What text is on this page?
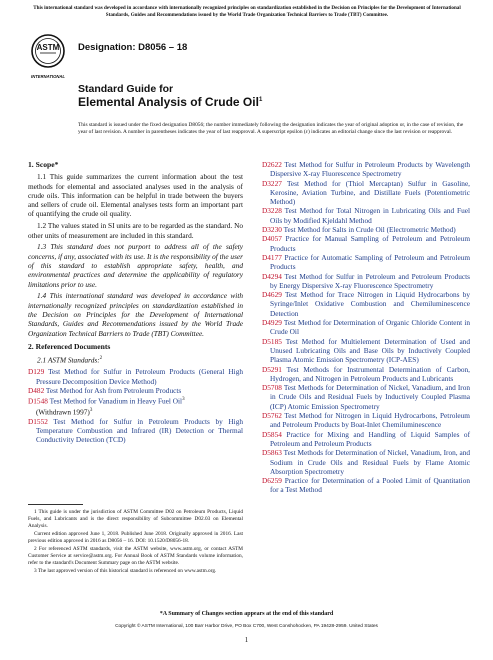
This international standard was developed in accordance with internationally recognized principles on standardization established in the Decision on Principles for the Development of International Standards, Guides and Recommendations issued by the World Trade Organization Technical Barriers to Trade (TBT) Committee.
ASTM
INTERNATIONAL
Designation: D8056 – 18
Standard Guide for
Elemental Analysis of Crude Oil$^1$
This standard is issued under the fixed designation D8056; the number immediately following the designation indicates the year of original adoption or, in the case of revision, the year of last revision. A number in parentheses indicates the year of last reapproval. A superscript epsilon (ε) indicates an editorial change since the last revision or reapproval.
1. Scope*

1.1 This guide summarizes the current information about the test methods for elemental and associated analyses used in the analysis of crude oils. This information can be helpful in trade between the buyers and sellers of crude oil. Elemental analyses tests form an important part of quantifying the crude oil quality.

1.2 The values stated in SI units are to be regarded as the standard. No other units of measurement are included in this standard.

1.3 This standard does not purport to address all of the safety concerns, if any, associated with its use. It is the responsibility of the user of this standard to establish appropriate safety, health, and environmental practices and determine the applicability of regulatory limitations prior to use.

1.4 This international standard was developed in accordance with internationally recognized principles on standardization established in the Decision on Principles for the Development of International Standards, Guides and Recommendations issued by the World Trade Organization Technical Barriers to Trade (TBT) Committee.

2. Referenced Documents

2.1 ASTM Standards:$^2$

D129 Test Method for Sulfur in Petroleum Products (General High Pressure Decomposition Device Method)
D482 Test Method for Ash from Petroleum Products
D1548 Test Method for Vanadium in Heavy Fuel Oil$^3$
(Withdrawn 1997)$^3$
D1552 Test Method for Sulfur in Petroleum Products by High Temperature Combustion and Infrared (IR) Detection or Thermal Conductivity Detection (TCD)
D2622 Test Method for Sulfur in Petroleum Products by Wavelength Dispersive X-ray Fluorescence Spectrometry
D3227 Test Method for (Thiol Mercaptan) Sulfur in Gasoline, Kerosine, Aviation Turbine, and Distillate Fuels (Potentiometric Method)
D3228 Test Method for Total Nitrogen in Lubricating Oils and Fuel Oils by Modified Kjeldahl Method
D3230 Test Method for Salts in Crude Oil (Electrometric Method)
D4057 Practice for Manual Sampling of Petroleum and Petroleum Products
D4177 Practice for Automatic Sampling of Petroleum and Petroleum Products
D4294 Test Method for Sulfur in Petroleum and Petroleum Products by Energy Dispersive X-ray Fluorescence Spectrometry
D4629 Test Method for Trace Nitrogen in Liquid Hydrocarbons by Syringe/Inlet Oxidative Combustion and Chemiluminescence Detection
D4929 Test Method for Determination of Organic Chloride Content in Crude Oil
D5185 Test Method for Multielement Determination of Used and Unused Lubricating Oils and Base Oils by Inductively Coupled Plasma Atomic Emission Spectrometry (ICP-AES)
D5291 Test Methods for Instrumental Determination of Carbon, Hydrogen, and Nitrogen in Petroleum Products and Lubricants
D5708 Test Methods for Determination of Nickel, Vanadium, and Iron in Crude Oils and Residual Fuels by Inductively Coupled Plasma (ICP) Atomic Emission Spectrometry
D5762 Test Method for Nitrogen in Liquid Hydrocarbons, Petroleum and Petroleum Products by Boat-Inlet Chemiluminescence
D5854 Practice for Mixing and Handling of Liquid Samples of Petroleum and Petroleum Products
D5863 Test Methods for Determination of Nickel, Vanadium, Iron, and Sodium in Crude Oils and Residual Fuels by Flame Atomic Absorption Spectrometry
D6259 Practice for Determination of a Pooled Limit of Quantitation for a Test Method

1 This guide is under the jurisdiction of ASTM Committee D02 on Petroleum Products, Liquid Fuels, and Lubricants and is the direct responsibility of Subcommittee D02.03 on Elemental Analysis.

Current edition approved June 1, 2018. Published June 2018. Originally approved in 2016. Last previous edition approved in 2016 as D8056 – 16. DOI: 10.1520/D8056-18.

2 For referenced ASTM standards, visit the ASTM website, www.astm.org, or contact ASTM Customer Service at service@astm.org. For Annual Book of ASTM Standards volume information, refer to the standard's Document Summary page on the ASTM website.

3 The last approved version of this historical standard is referenced on www.astm.org.

*A Summary of Changes section appears at the end of this standard
Copyright © ASTM International, 100 Barr Harbor Drive, PO Box C700, West Conshohocken, PA 19428-2959. United States
1
